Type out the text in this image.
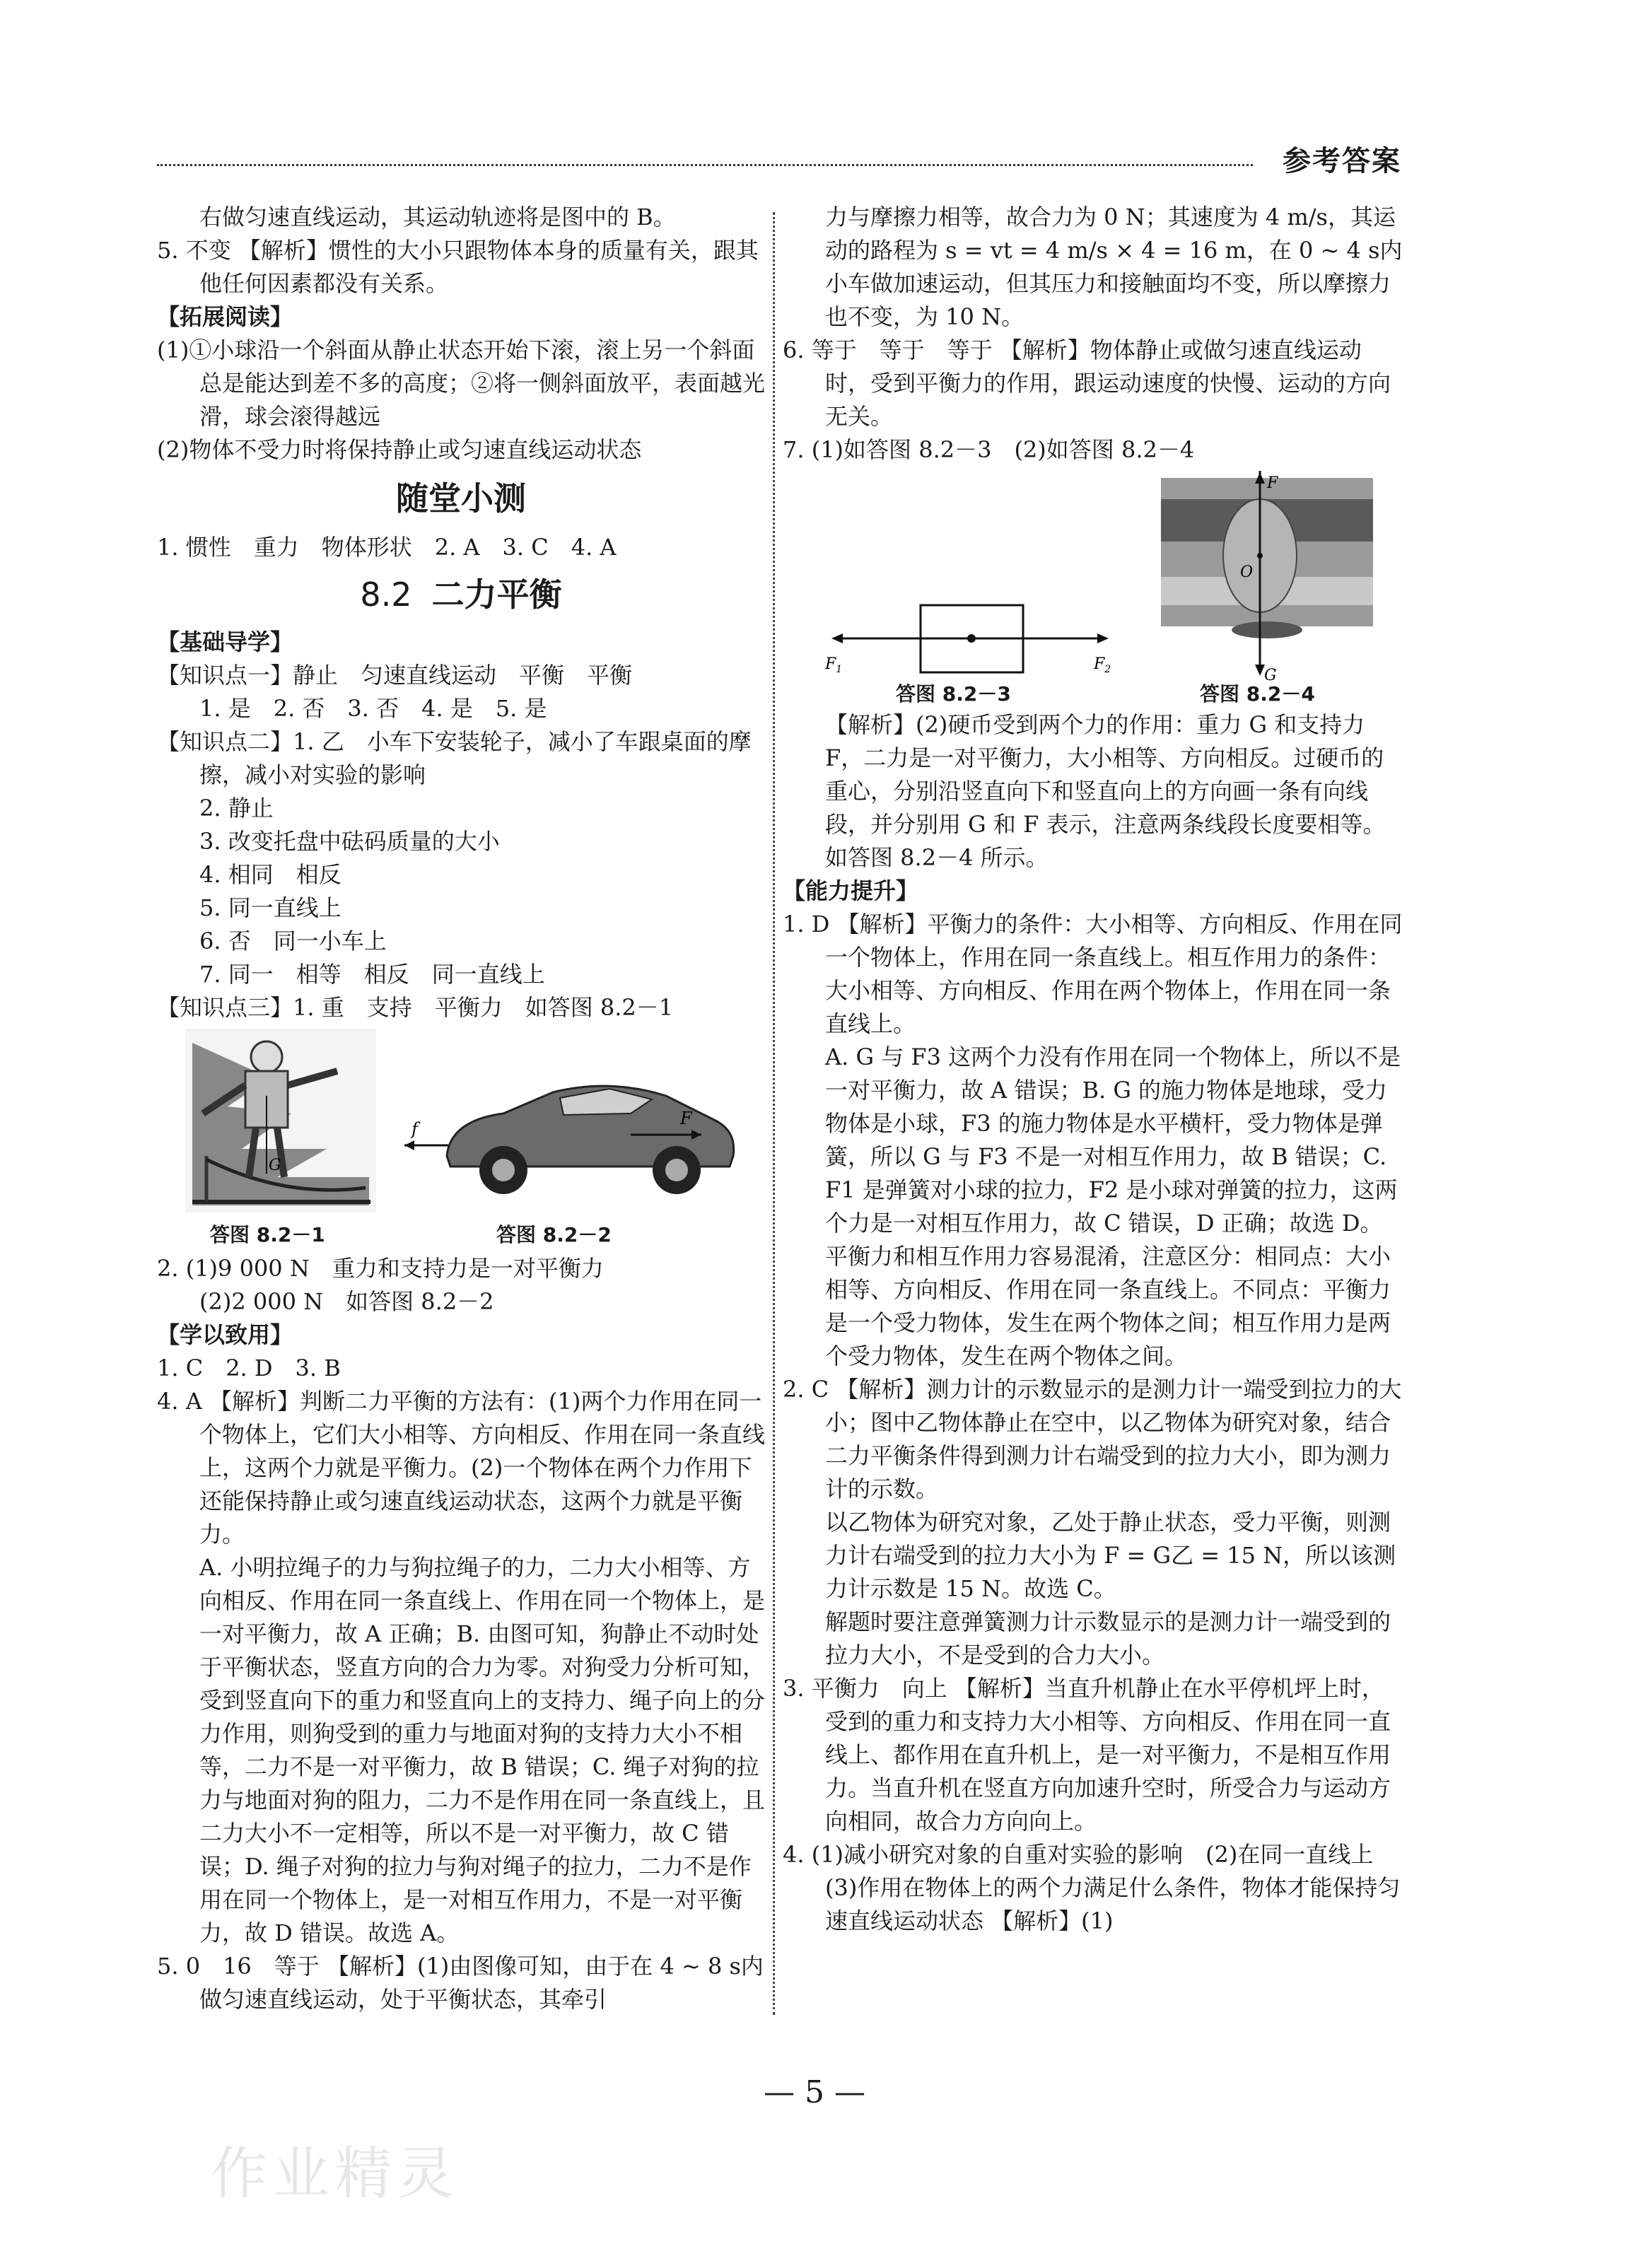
参考答案

右做匀速直线运动，其运动轨迹将是图中的 B。

5. 不变 【解析】惯性的大小只跟物体本身的质量有关，跟其他任何因素都没有关系。

【拓展阅读】

(1)①小球沿一个斜面从静止状态开始下滚，滚上另一个斜面总是能达到差不多的高度；②将一侧斜面放平，表面越光滑，球会滚得越远

(2)物体不受力时将保持静止或匀速直线运动状态

随堂小测

1. 惯性　重力　物体形状　2. A　3. C　4. A

8.2 二力平衡

【基础导学】

【知识点一】静止　匀速直线运动　平衡　平衡

1. 是　2. 否　3. 否　4. 是　5. 是

【知识点二】1. 乙　小车下安装轮子，减小了车跟桌面的摩擦，减小对实验的影响

2. 静止

3. 改变托盘中砝码质量的大小

4. 相同　相反

5. 同一直线上

6. 否　同一小车上

7. 同一　相等　相反　同一直线上

【知识点三】1. 重　支持　平衡力　如答图 8.2－1

G
f
F
答图 8.2－1	答图 8.2－2

2. (1)9 000 N　重力和支持力是一对平衡力

(2)2 000 N　如答图 8.2－2

【学以致用】

1. C　2. D　3. B

4. A 【解析】判断二力平衡的方法有：(1)两个力作用在同一个物体上，它们大小相等、方向相反、作用在同一条直线上，这两个力就是平衡力。(2)一个物体在两个力作用下还能保持静止或匀速直线运动状态，这两个力就是平衡力。

A. 小明拉绳子的力与狗拉绳子的力，二力大小相等、方向相反、作用在同一条直线上、作用在同一个物体上，是一对平衡力，故 A 正确；B. 由图可知，狗静止不动时处于平衡状态，竖直方向的合力为零。对狗受力分析可知，受到竖直向下的重力和竖直向上的支持力、绳子向上的分力作用，则狗受到的重力与地面对狗的支持力大小不相等，二力不是一对平衡力，故 B 错误；C. 绳子对狗的拉力与地面对狗的阻力，二力不是作用在同一条直线上，且二力大小不一定相等，所以不是一对平衡力，故 C 错误；D. 绳子对狗的拉力与狗对绳子的拉力，二力不是作用在同一个物体上，是一对相互作用力，不是一对平衡力，故 D 错误。故选 A。

5. 0　16　等于 【解析】(1)由图像可知，由于在 4 ~ 8 s内做匀速直线运动，处于平衡状态，其牵引

力与摩擦力相等，故合力为 0 N；其速度为 4 m/s，其运动的路程为 s = vt = 4 m/s × 4 = 16 m，在 0 ~ 4 s内小车做加速运动，但其压力和接触面均不变，所以摩擦力也不变，为 10 N。

6. 等于　等于　等于 【解析】物体静止或做匀速直线运动时，受到平衡力的作用，跟运动速度的快慢、运动的方向无关。

7. (1)如答图 8.2－3　(2)如答图 8.2－4

$F_1$	$F_2$
答图 8.2－3
F
O
G
答图 8.2－4

【解析】(2)硬币受到两个力的作用：重力 G 和支持力 F，二力是一对平衡力，大小相等、方向相反。过硬币的重心，分别沿竖直向下和竖直向上的方向画一条有向线段，并分别用 G 和 F 表示，注意两条线段长度要相等。如答图 8.2－4 所示。

【能力提升】

1. D 【解析】平衡力的条件：大小相等、方向相反、作用在同一个物体上，作用在同一条直线上。相互作用力的条件：大小相等、方向相反、作用在两个物体上，作用在同一条直线上。

A. G 与 F3 这两个力没有作用在同一个物体上，所以不是一对平衡力，故 A 错误；B. G 的施力物体是地球，受力物体是小球，F3 的施力物体是水平横杆，受力物体是弹簧，所以 G 与 F3 不是一对相互作用力，故 B 错误；C. F1 是弹簧对小球的拉力，F2 是小球对弹簧的拉力，这两个力是一对相互作用力，故 C 错误，D 正确；故选 D。

平衡力和相互作用力容易混淆，注意区分：相同点：大小相等、方向相反、作用在同一条直线上。不同点：平衡力是一个受力物体，发生在两个物体之间；相互作用力是两个受力物体，发生在两个物体之间。

2. C 【解析】测力计的示数显示的是测力计一端受到拉力的大小；图中乙物体静止在空中，以乙物体为研究对象，结合二力平衡条件得到测力计右端受到的拉力大小，即为测力计的示数。

以乙物体为研究对象，乙处于静止状态，受力平衡，则测力计右端受到的拉力大小为 F = G乙 = 15 N，所以该测力计示数是 15 N。故选 C。

解题时要注意弹簧测力计示数显示的是测力计一端受到的拉力大小，不是受到的合力大小。

3. 平衡力　向上 【解析】当直升机静止在水平停机坪上时，受到的重力和支持力大小相等、方向相反、作用在同一直线上、都作用在直升机上，是一对平衡力，不是相互作用力。当直升机在竖直方向加速升空时，所受合力与运动方向相同，故合力方向向上。

4. (1)减小研究对象的自重对实验的影响　(2)在同一直线上　(3)作用在物体上的两个力满足什么条件，物体才能保持匀速直线运动状态 【解析】(1)

— 5 —
作业精灵
